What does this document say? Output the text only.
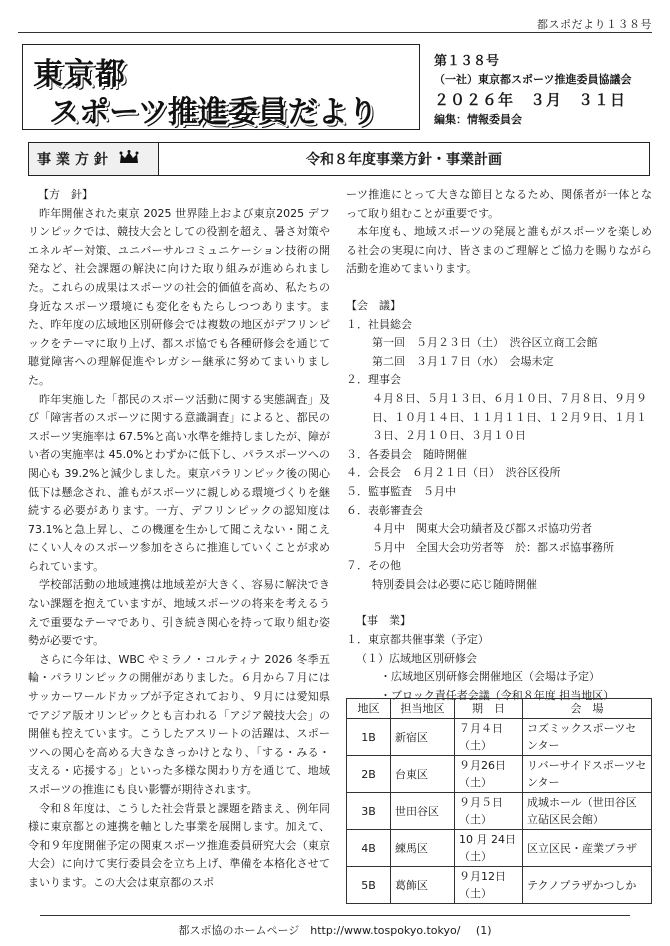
都スポだより１３８号
東京都
スポーツ推進委員だより
第１３８号
（一社）東京都スポーツ推進委員協議会
２０２６年　３月　３１日
編集：情報委員会
事業方針	令和８年度事業方針・事業計画
【方　針】
昨年開催された東京 2025 世界陸上および東京2025 デフリンピックでは、競技大会としての役割を超え、暑さ対策やエネルギー対策、ユニバーサルコミュニケーション技術の開発など、社会課題の解決に向けた取り組みが進められました。これらの成果はスポーツの社会的価値を高め、私たちの身近なスポーツ環境にも変化をもたらしつつあります。また、昨年度の広域地区別研修会では複数の地区がデフリンピックをテーマに取り上げ、都スポ協でも各種研修会を通じて聴覚障害への理解促進やレガシー継承に努めてまいりました。
昨年実施した「都民のスポーツ活動に関する実態調査」及び「障害者のスポーツに関する意識調査」によると、都民のスポーツ実施率は 67.5%と高い水準を維持しましたが、障がい者の実施率は 45.0%とわずかに低下し、パラスポーツへの関心も 39.2%と減少しました。東京パラリンピック後の関心低下は懸念され、誰もがスポーツに親しめる環境づくりを継続する必要があります。一方、デフリンピックの認知度は 73.1%と急上昇し、この機運を生かして聞こえない・聞こえにくい人々のスポーツ参加をさらに推進していくことが求められています。
学校部活動の地域連携は地域差が大きく、容易に解決できない課題を抱えていますが、地域スポーツの将来を考えるうえで重要なテーマであり、引き続き関心を持って取り組む姿勢が必要です。
さらに今年は、WBC やミラノ・コルティナ 2026 冬季五輪・パラリンピックの開催がありました。６月から７月にはサッカーワールドカップが予定されており、９月には愛知県でアジア版オリンピックとも言われる「アジア競技大会」の開催も控えています。こうしたアスリートの活躍は、スポーツへの関心を高める大きなきっかけとなり、「する・みる・支える・応援する」といった多様な関わり方を通じて、地域スポーツの推進にも良い影響が期待されます。
令和８年度は、こうした社会背景と課題を踏まえ、例年同様に東京都との連携を軸とした事業を展開します。加えて、令和９年度開催予定の関東スポーツ推進委員研究大会（東京大会）に向けて実行委員会を立ち上げ、準備を本格化させてまいります。この大会は東京都のスポ
ーツ推進にとって大きな節目となるため、関係者が一体となって取り組むことが重要です。
本年度も、地域スポーツの発展と誰もがスポーツを楽しめる社会の実現に向け、皆さまのご理解とご協力を賜りながら活動を進めてまいります。
【会　議】
１．社員総会
第一回　５月２３日（土）　渋谷区立商工会館
第二回　３月１７日（水）　会場未定
２．理事会
４月８日、５月１３日、６月１０日、７月８日、９月９日、１０月１４日、１１月１１日、１２月９日、１月１３日、２月１０日、３月１０日
３．各委員会　随時開催
４．会長会　６月２１日（日）　渋谷区役所
５．監事監査　５月中
６．表彰審査会
４月中　関東大会功績者及び都スポ協功労者
５月中　全国大会功労者等　於：都スポ協事務所
７．その他
特別委員会は必要に応じ随時開催
【事　業】
１．東京都共催事業（予定）
（１）広域地区別研修会
・広域地区別研修会開催地区（会場は予定）
・ブロック責任者会議（令和８年度 担当地区）
地区	担当地区	期　日	会　場
1B	新宿区	７月４日（土）	コズミックスポーツセンター
2B	台東区	９月26日（土）	リバーサイドスポーツセンター
3B	世田谷区	９月５日（土）	成城ホール（世田谷区立砧区民会館）
4B	練馬区	10 月 24日（土）	区立区民・産業プラザ
5B	葛飾区	９月12日（土）	テクノプラザかつしか
都スポ協のホームページ　http://www.tospokyo.tokyo/ (1)
